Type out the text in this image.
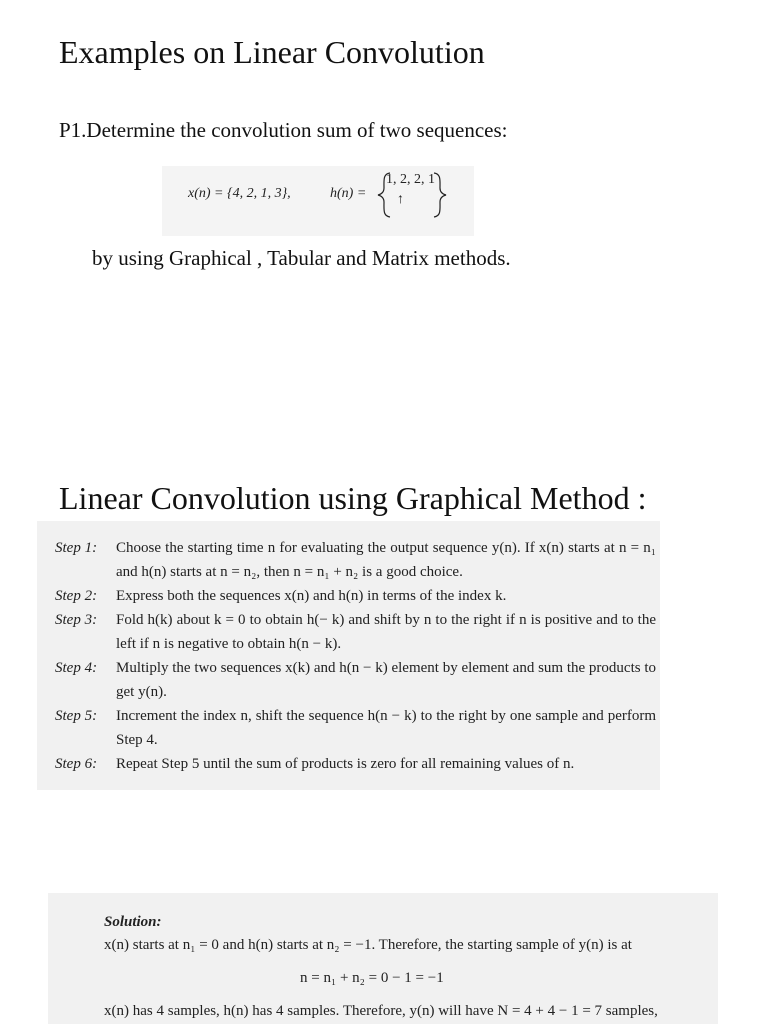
Examples on Linear Convolution
P1.Determine the convolution sum of two sequences:
x(n) = {4, 2, 1, 3},	h(n) =
1, 2, 2, 1
↑
by using Graphical , Tabular and Matrix methods.
Linear Convolution using Graphical Method :
Step 1:	Choose the starting time n for evaluating the output sequence y(n). If x(n) starts at n = n₁ and h(n) starts at n = n₂, then n = n₁ + n₂ is a good choice.
Step 2:	Express both the sequences x(n) and h(n) in terms of the index k.
Step 3:	Fold h(k) about k = 0 to obtain h(− k) and shift by n to the right if n is positive and to the left if n is negative to obtain h(n − k).
Step 4:	Multiply the two sequences x(k) and h(n − k) element by element and sum the products to get y(n).
Step 5:	Increment the index n, shift the sequence h(n − k) to the right by one sample and perform Step 4.
Step 6:	Repeat Step 5 until the sum of products is zero for all remaining values of n.
Solution:
x(n) starts at n₁ = 0 and h(n) starts at n₂ = −1. Therefore, the starting sample of y(n) is at
n = n₁ + n₂ = 0 − 1 = −1
x(n) has 4 samples, h(n) has 4 samples. Therefore, y(n) will have N = 4 + 4 − 1 = 7 samples,
